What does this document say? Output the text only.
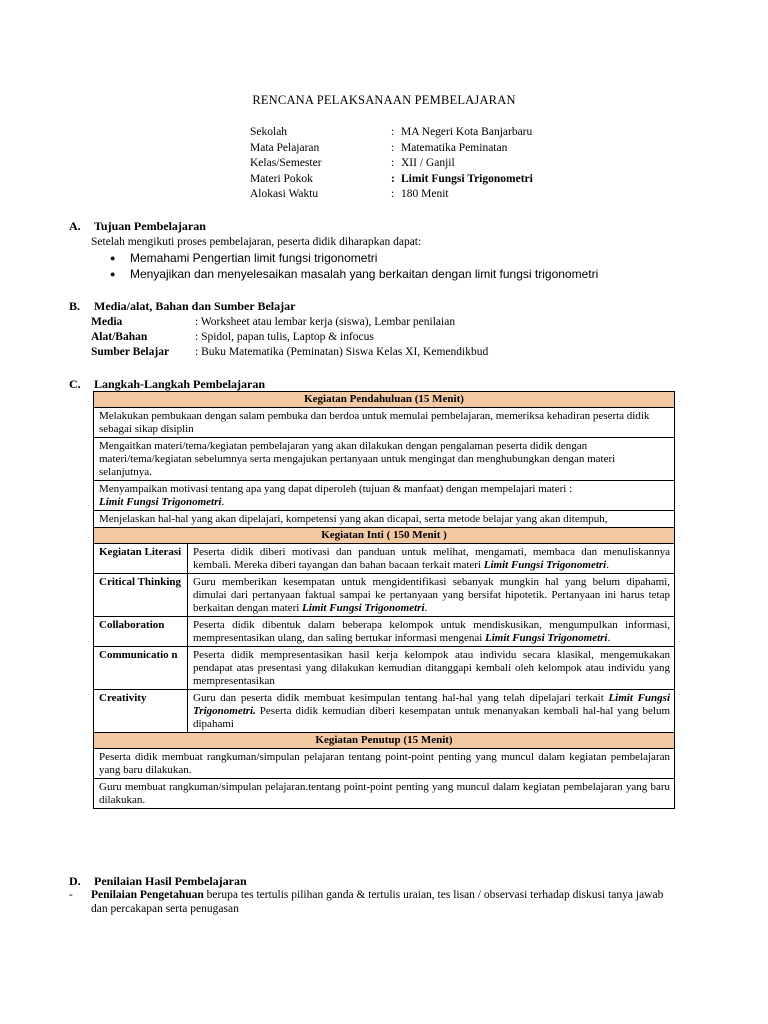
RENCANA PELAKSANAAN PEMBELAJARAN
Sekolah	: MA Negeri Kota Banjarbaru
Mata Pelajaran	: Matematika Peminatan
Kelas/Semester	: XII / Ganjil
Materi Pokok	: Limit Fungsi Trigonometri
Alokasi Waktu	: 180 Menit
A. Tujuan Pembelajaran
Setelah mengikuti proses pembelajaran, peserta didik diharapkan dapat:
● Memahami Pengertian limit fungsi trigonometri
● Menyajikan dan menyelesaikan masalah yang berkaitan dengan limit fungsi trigonometri
B. Media/alat, Bahan dan Sumber Belajar
Media	: Worksheet atau lembar kerja (siswa), Lembar penilaian
Alat/Bahan	: Spidol, papan tulis, Laptop & infocus
Sumber Belajar : Buku Matematika (Peminatan) Siswa Kelas XI, Kemendikbud
C. Langkah-Langkah Pembelajaran
Kegiatan Pendahuluan (15 Menit)	
Melakukan pembukaan dengan salam pembuka dan berdoa untuk memulai pembelajaran, memeriksa kehadiran peserta didik sebagai sikap disiplin	
Mengaitkan materi/tema/kegiatan pembelajaran yang akan dilakukan dengan pengalaman peserta didik dengan materi/tema/kegiatan sebelumnya serta mengajukan pertanyaan untuk mengingat dan menghubungkan dengan materi selanjutnya.	
Menyampaikan motivasi tentang apa yang dapat diperoleh (tujuan & manfaat) dengan mempelajari materi :
Limit Fungsi Trigonometri.	
Menjelaskan hal-hal yang akan dipelajari, kompetensi yang akan dicapai, serta metode belajar yang akan ditempuh,	
Kegiatan Inti ( 150 Menit )	
Kegiatan Literasi	Peserta didik diberi motivasi dan panduan untuk melihat, mengamati, membaca dan menuliskannya kembali. Mereka diberi tayangan dan bahan bacaan terkait materi Limit Fungsi Trigonometri.
Critical Thinking	Guru memberikan kesempatan untuk mengidentifikasi sebanyak mungkin hal yang belum dipahami, dimulai dari pertanyaan faktual sampai ke pertanyaan yang bersifat hipotetik. Pertanyaan ini harus tetap berkaitan dengan materi Limit Fungsi Trigonometri.
Collaboration	Peserta didik dibentuk dalam beberapa kelompok untuk mendiskusikan, mengumpulkan informasi, mempresentasikan ulang, dan saling bertukar informasi mengenai Limit Fungsi Trigonometri.
Communicatio n	Peserta didik mempresentasikan hasil kerja kelompok atau individu secara klasikal, mengemukakan pendapat atas presentasi yang dilakukan kemudian ditanggapi kembali oleh kelompok atau individu yang mempresentasikan
Creativity	Guru dan peserta didik membuat kesimpulan tentang hal-hal yang telah dipelajari terkait Limit Fungsi Trigonometri. Peserta didik kemudian diberi kesempatan untuk menanyakan kembali hal-hal yang belum dipahami
Kegiatan Penutup (15 Menit)	
Peserta didik membuat rangkuman/simpulan pelajaran tentang point-point penting yang muncul dalam kegiatan pembelajaran yang baru dilakukan.	
Guru membuat rangkuman/simpulan pelajaran.tentang point-point penting yang muncul dalam kegiatan pembelajaran yang baru dilakukan.	
D. Penilaian Hasil Pembelajaran
- Penilaian Pengetahuan berupa tes tertulis pilihan ganda & tertulis uraian, tes lisan / observasi terhadap diskusi tanya jawab dan percakapan serta penugasan
